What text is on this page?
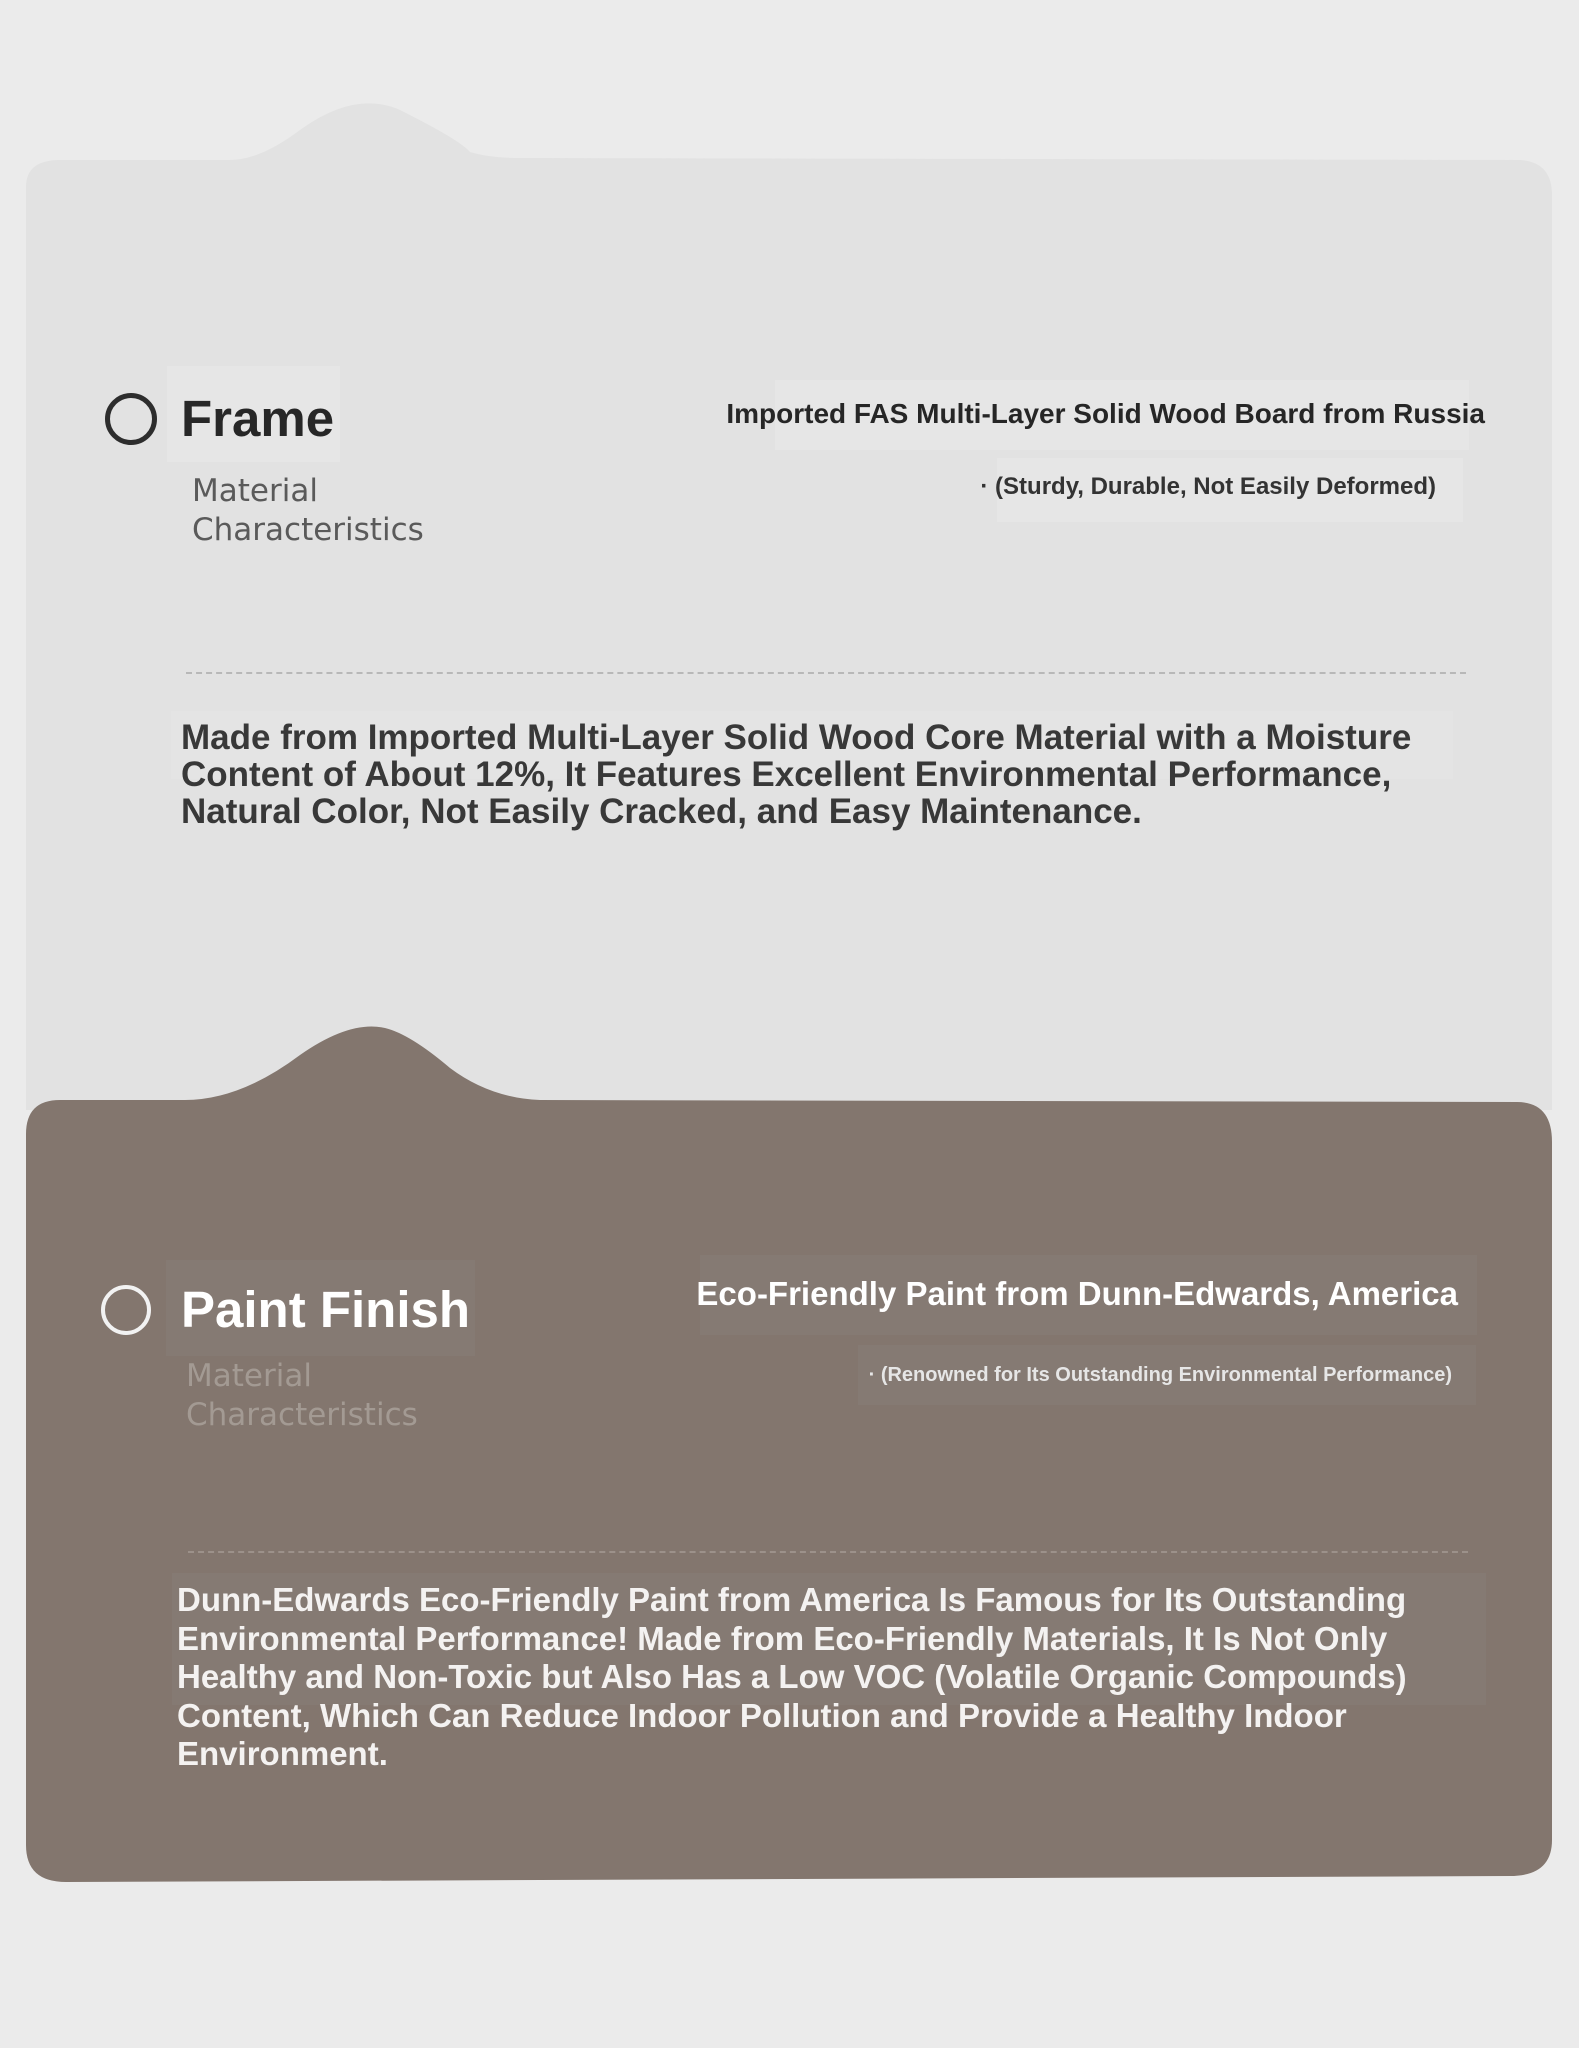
Frame

Material
Characteristics

Imported FAS Multi-Layer Solid Wood Board from Russia

· (Sturdy, Durable, Not Easily Deformed)

Made from Imported Multi-Layer Solid Wood Core Material with a Moisture Content of About 12%, It Features Excellent Environmental Performance, Natural Color, Not Easily Cracked, and Easy Maintenance.

Paint Finish

Material
Characteristics

Eco-Friendly Paint from Dunn-Edwards, America

· (Renowned for Its Outstanding Environmental Performance)

Dunn-Edwards Eco-Friendly Paint from America Is Famous for Its Outstanding Environmental Performance! Made from Eco-Friendly Materials, It Is Not Only Healthy and Non-Toxic but Also Has a Low VOC (Volatile Organic Compounds) Content, Which Can Reduce Indoor Pollution and Provide a Healthy Indoor Environment.
